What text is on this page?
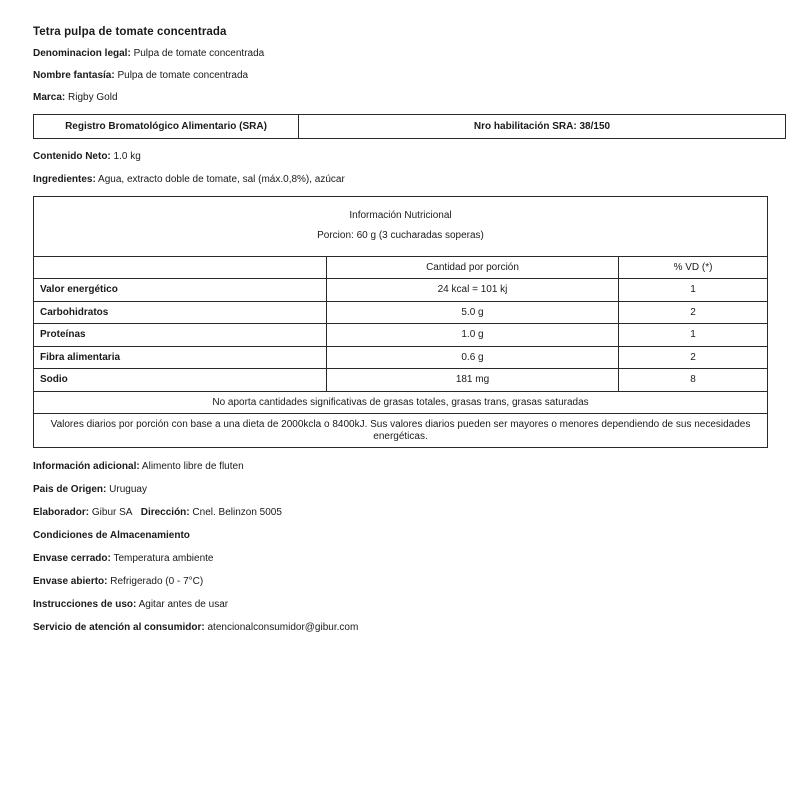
Tetra pulpa de tomate concentrada
Denominacion legal: Pulpa de tomate concentrada
Nombre fantasía: Pulpa de tomate concentrada
Marca: Rigby Gold
Registro Bromatológico Alimentario (SRA)	Nro habilitación SRA: 38/150
Contenido Neto: 1.0 kg
Ingredientes: Agua, extracto doble de tomate, sal (máx.0,8%), azúcar
Información Nutricional
Porcion: 60 g (3 cucharadas soperas)		

	Cantidad por porción	% VD (*)
Valor energético	24 kcal = 101 kj	1
Carbohidratos	5.0 g	2
Proteínas	1.0 g	1
Fibra alimentaria	0.6 g	2
Sodio	181 mg	8
No aporta cantidades significativas de grasas totales, grasas trans, grasas saturadas		
Valores diarios por porción con base a una dieta de 2000kcla o 8400kJ. Sus valores diarios pueden ser mayores o menores dependiendo de sus necesidades energéticas.		
Información adicional: Alimento libre de fluten
Pais de Origen: Uruguay
Elaborador: Gibur SA Dirección: Cnel. Belinzon 5005
Condiciones de Almacenamiento
Envase cerrado: Temperatura ambiente
Envase abierto: Refrigerado (0 - 7°C)
Instrucciones de uso: Agitar antes de usar
Servicio de atención al consumidor: atencionalconsumidor@gibur.com
